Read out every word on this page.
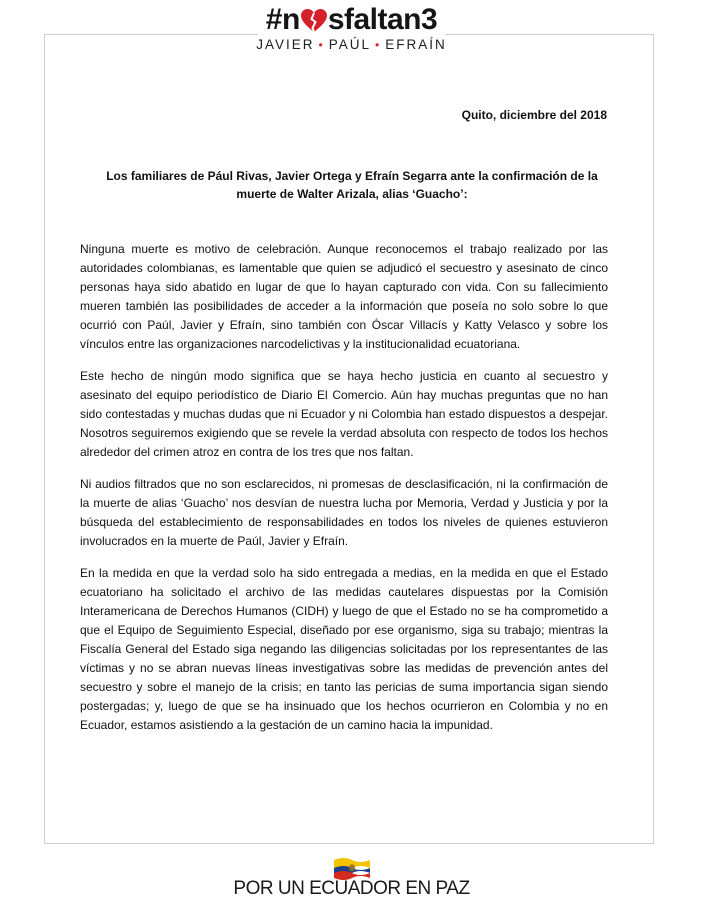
#n sfaltan3
JAVIER • PAÚL • EFRAÍN
Quito, diciembre del 2018
Los familiares de Pául Rivas, Javier Ortega y Efraín Segarra ante la confirmación de la muerte de Walter Arizala, alias ‘Guacho’:

Ninguna muerte es motivo de celebración. Aunque reconocemos el trabajo realizado por las autoridades colombianas, es lamentable que quien se adjudicó el secuestro y asesinato de cinco personas haya sido abatido en lugar de que lo hayan capturado con vida. Con su fallecimiento mueren también las posibilidades de acceder a la información que poseía no solo sobre lo que ocurrió con Paúl, Javier y Efraín, sino también con Óscar Villacís y Katty Velasco y sobre los vínculos entre las organizaciones narcodelictivas y la institucionalidad ecuatoriana.

Este hecho de ningún modo significa que se haya hecho justicia en cuanto al secuestro y asesinato del equipo periodístico de Diario El Comercio. Aún hay muchas preguntas que no han sido contestadas y muchas dudas que ni Ecuador y ni Colombia han estado dispuestos a despejar. Nosotros seguiremos exigiendo que se revele la verdad absoluta con respecto de todos los hechos alrededor del crimen atroz en contra de los tres que nos faltan.

Ni audios filtrados que no son esclarecidos, ni promesas de desclasificación, ni la confirmación de la muerte de alias ‘Guacho’ nos desvían de nuestra lucha por Memoria, Verdad y Justicia y por la búsqueda del establecimiento de responsabilidades en todos los niveles de quienes estuvieron involucrados en la muerte de Paúl, Javier y Efraín.

En la medida en que la verdad solo ha sido entregada a medias, en la medida en que el Estado ecuatoriano ha solicitado el archivo de las medidas cautelares dispuestas por la Comisión Interamericana de Derechos Humanos (CIDH) y luego de que el Estado no se ha comprometido a que el Equipo de Seguimiento Especial, diseñado por ese organismo, siga su trabajo; mientras la Fiscalía General del Estado siga negando las diligencias solicitadas por los representantes de las víctimas y no se abran nuevas líneas investigativas sobre las medidas de prevención antes del secuestro y sobre el manejo de la crisis; en tanto las pericias de suma importancia sigan siendo postergadas; y, luego de que se ha insinuado que los hechos ocurrieron en Colombia y no en Ecuador, estamos asistiendo a la gestación de un camino hacia la impunidad.

POR UN ECUADOR EN PAZ
